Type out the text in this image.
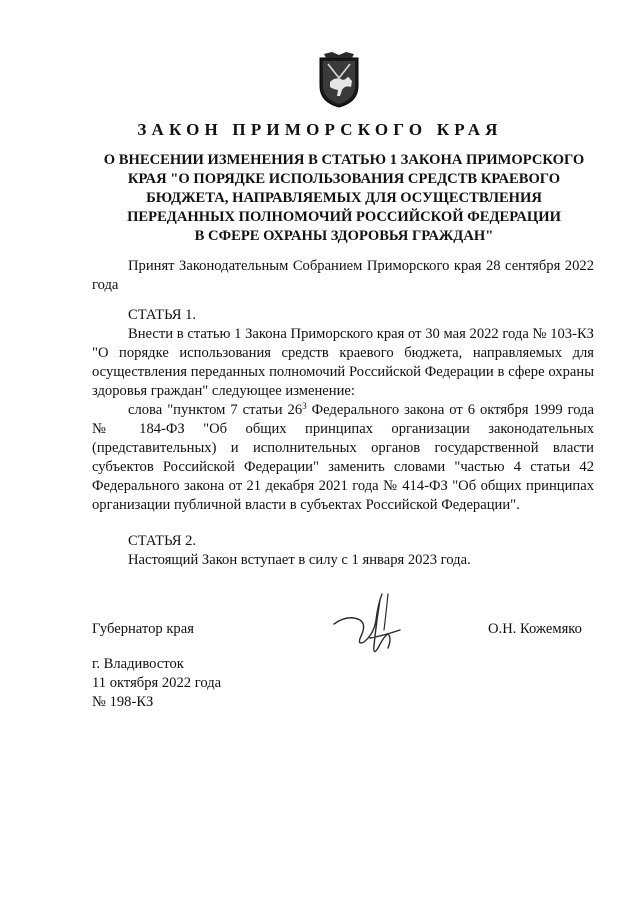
ЗАКОН ПРИМОРСКОГО КРАЯ
О ВНЕСЕНИИ ИЗМЕНЕНИЯ В СТАТЬЮ 1 ЗАКОНА ПРИМОРСКОГО
КРАЯ "О ПОРЯДКЕ ИСПОЛЬЗОВАНИЯ СРЕДСТВ КРАЕВОГО
БЮДЖЕТА, НАПРАВЛЯЕМЫХ ДЛЯ ОСУЩЕСТВЛЕНИЯ
ПЕРЕДАННЫХ ПОЛНОМОЧИЙ РОССИЙСКОЙ ФЕДЕРАЦИИ
В СФЕРЕ ОХРАНЫ ЗДОРОВЬЯ ГРАЖДАН"

Принят Законодательным Собранием Приморского края 28 сентября 2022 года

СТАТЬЯ 1.

Внести в статью 1 Закона Приморского края от 30 мая 2022 года № 103-КЗ "О порядке использования средств краевого бюджета, направляемых для осуществления переданных полномочий Российской Федерации в сфере охраны здоровья граждан" следующее изменение:

слова "пунктом 7 статьи $26^3$ Федерального закона от 6 октября 1999 года № 184-ФЗ "Об общих принципах организации законодательных (представительных) и исполнительных органов государственной власти субъектов Российской Федерации" заменить словами "частью 4 статьи 42 Федерального закона от 21 декабря 2021 года № 414-ФЗ "Об общих принципах организации публичной власти в субъектах Российской Федерации".

СТАТЬЯ 2.
Настоящий Закон вступает в силу с 1 января 2023 года.
Губернатор края	О.Н. Кожемяко
г. Владивосток
11 октября 2022 года
№ 198-КЗ
